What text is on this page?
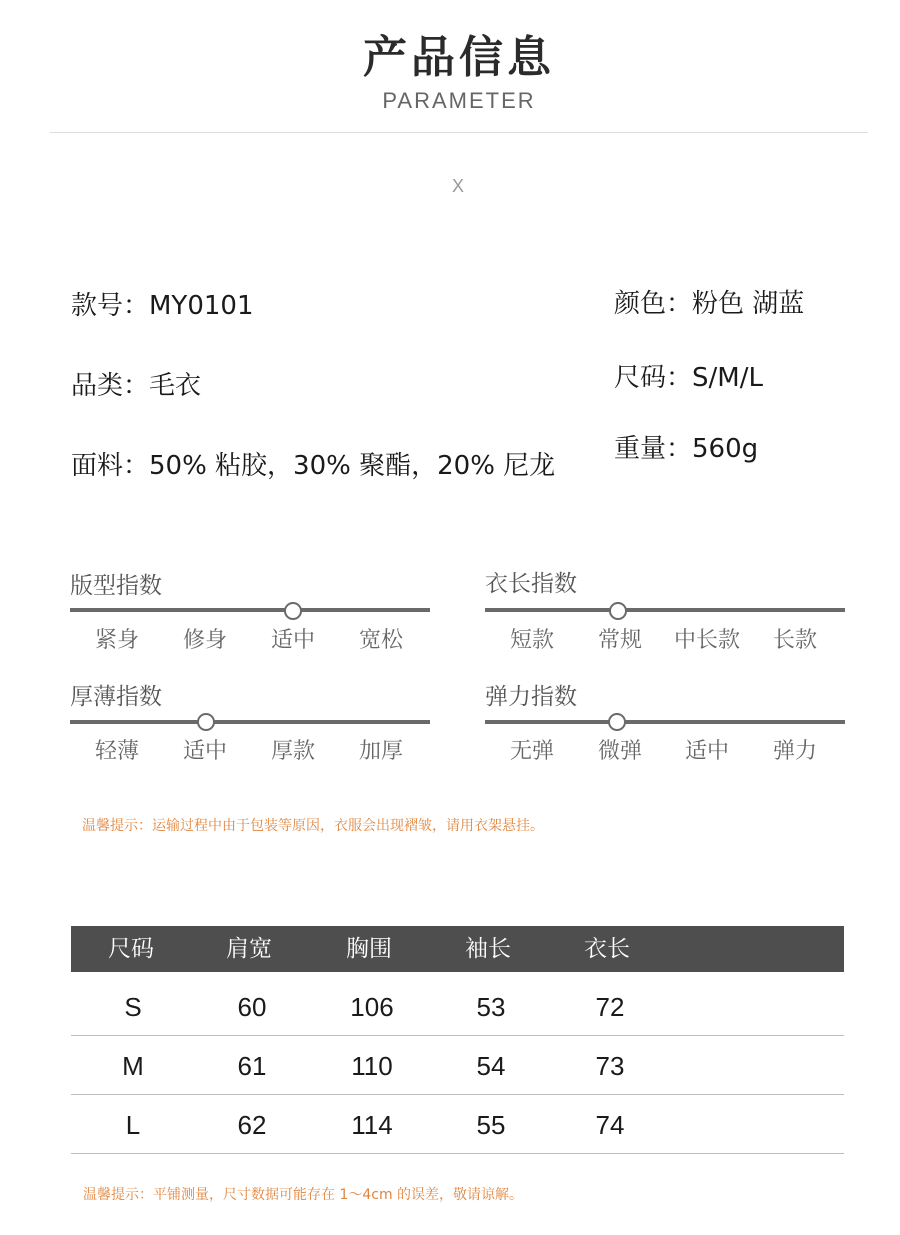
产品信息
PARAMETER
X
款号：MY0101
品类：毛衣
面料：50% 粘胶，30% 聚酯，20% 尼龙
颜色：粉色 湖蓝
尺码：S/M/L
重量：560g
版型指数
紧身	修身	适中	宽松
衣长指数
短款	常规	中长款	长款
厚薄指数
轻薄	适中	厚款	加厚
弹力指数
无弹	微弹	适中	弹力
温馨提示：运输过程中由于包装等原因，衣服会出现褶皱，请用衣架悬挂。
尺码	肩宽	胸围	袖长	衣长
S	60	106	53	72
M	61	110	54	73
L	62	114	55	74
温馨提示：平铺测量，尺寸数据可能存在 1～4cm 的误差，敬请谅解。
